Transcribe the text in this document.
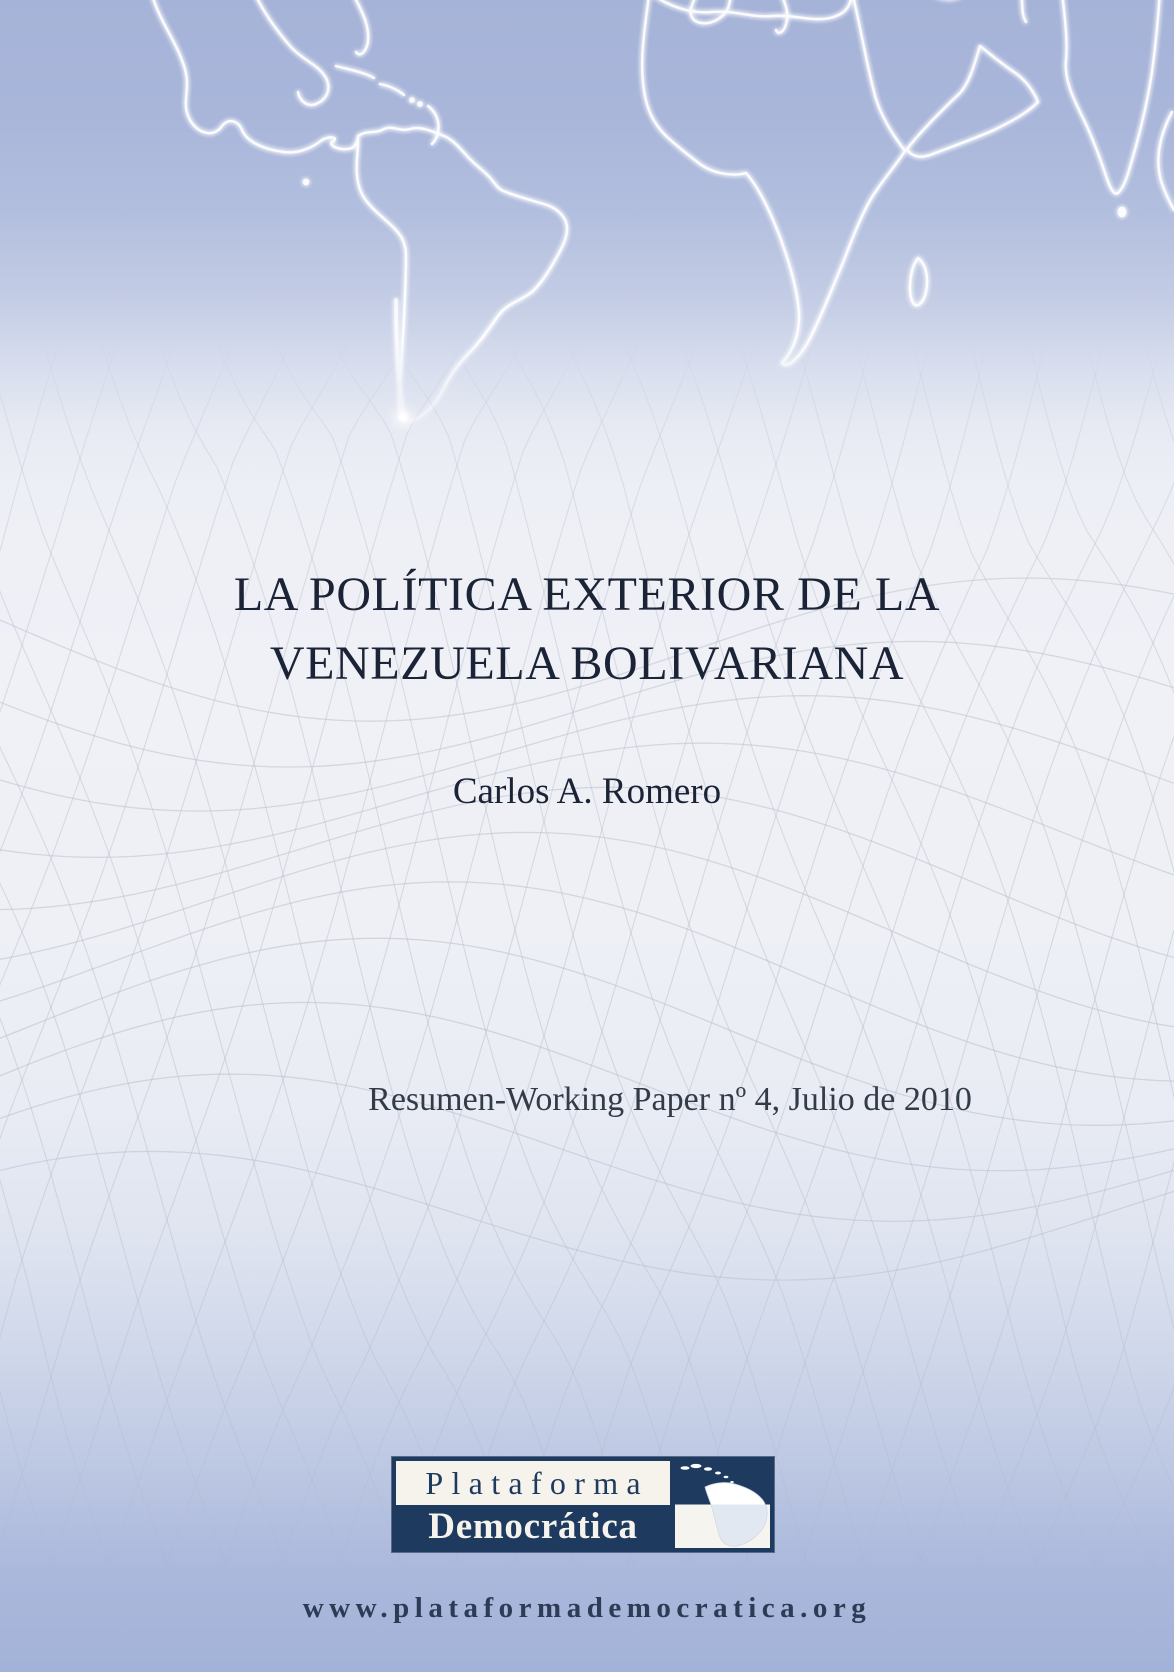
LA POLÍTICA EXTERIOR DE LA
VENEZUELA BOLIVARIANA
Carlos A. Romero
Resumen-Working Paper nº 4, Julio de 2010
Plataforma
Democrática
www.plataformademocratica.org
